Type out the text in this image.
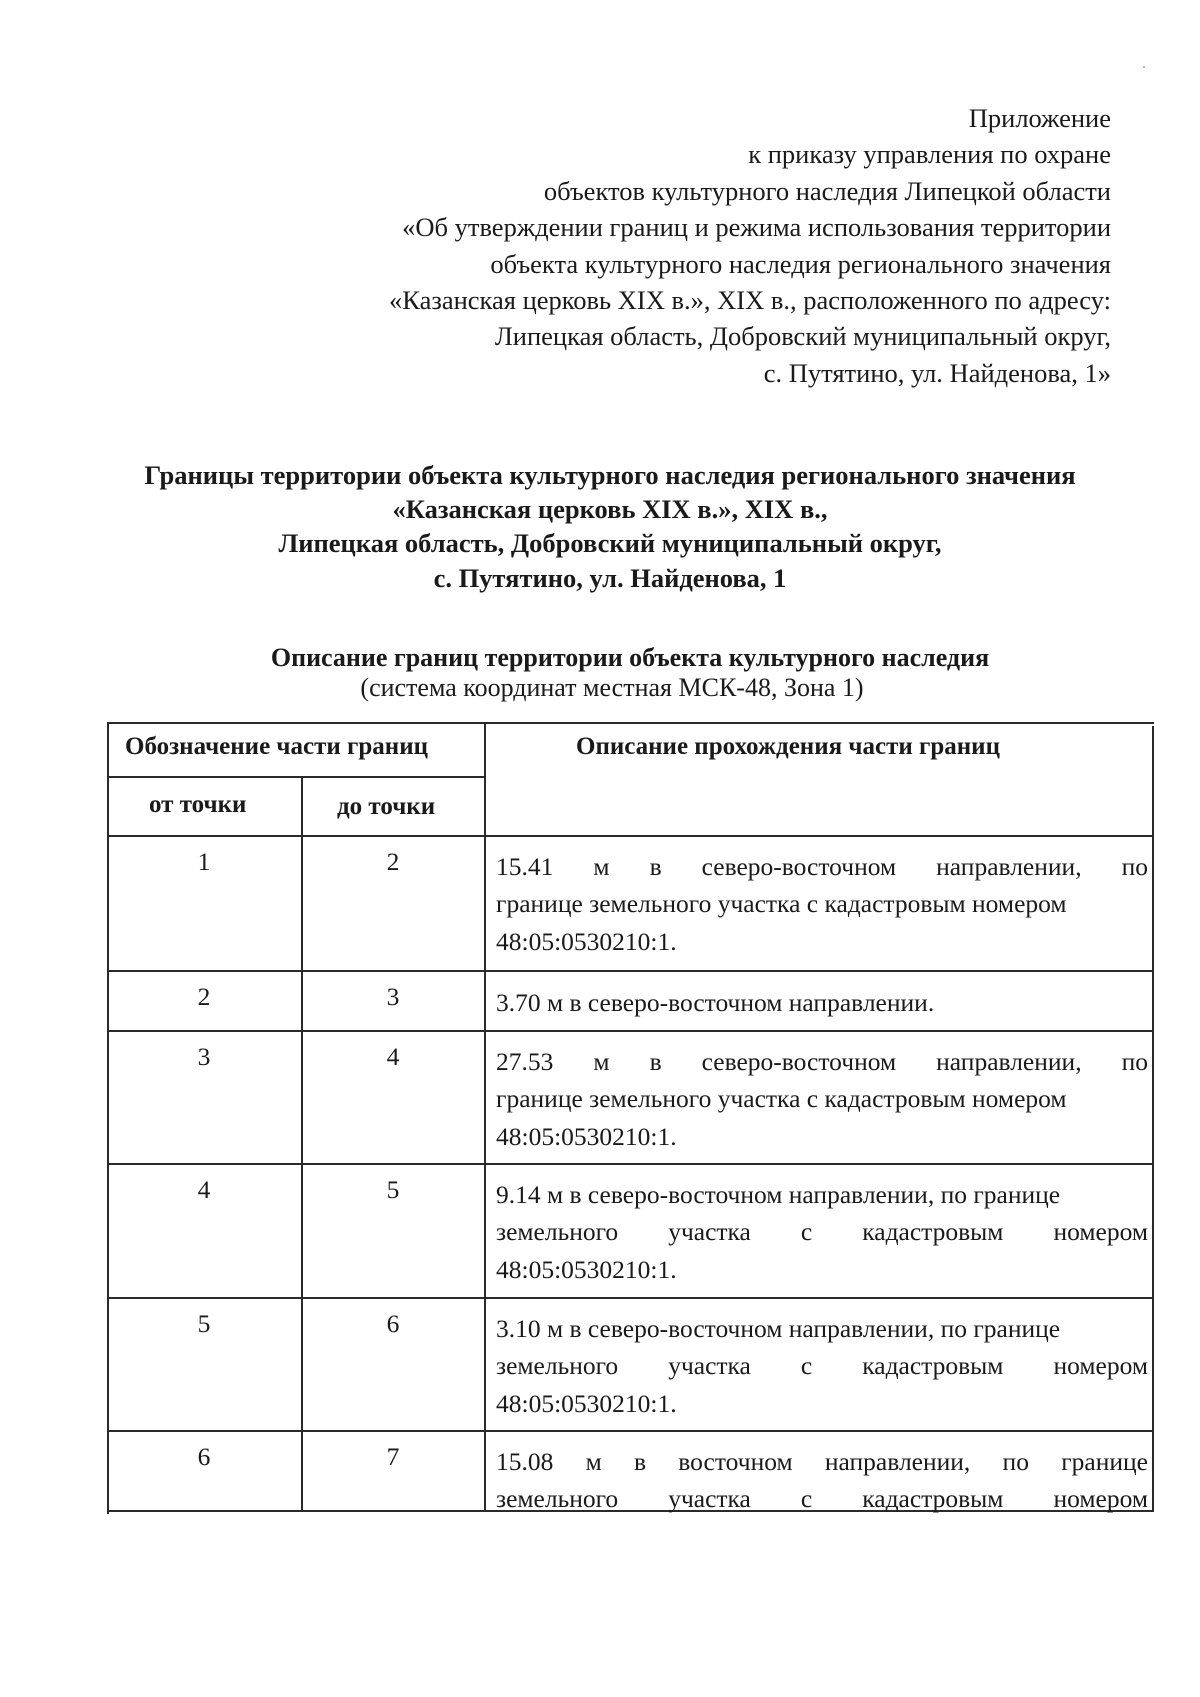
Приложение
к приказу управления по охране
объектов культурного наследия Липецкой области
«Об утверждении границ и режима использования территории
объекта культурного наследия регионального значения
«Казанская церковь XIX в.», XIX в., расположенного по адресу:
Липецкая область, Добровский муниципальный округ,
с. Путятино, ул. Найденова, 1»
Границы территории объекта культурного наследия регионального значения
«Казанская церковь XIX в.», XIX в.,
Липецкая область, Добровский муниципальный округ,
с. Путятино, ул. Найденова, 1
Описание границ территории объекта культурного наследия
(система координат местная МСК-48, Зона 1)
Обозначение части границ	Описание прохождения части границ
от точки	до точки
1	2	15.41 м в северо-восточном направлении, по
границе земельного участка с кадастровым номером
48:05:0530210:1.
2	3	3.70 м в северо-восточном направлении.
3	4	27.53 м в северо-восточном направлении, по
границе земельного участка с кадастровым номером
48:05:0530210:1.
4	5	9.14 м в северо-восточном направлении, по границе
земельного участка с кадастровым номером
48:05:0530210:1.
5	6	3.10 м в северо-восточном направлении, по границе
земельного участка с кадастровым номером
48:05:0530210:1.
6	7	15.08 м в восточном направлении, по границе
земельного участка с кадастровым номером
